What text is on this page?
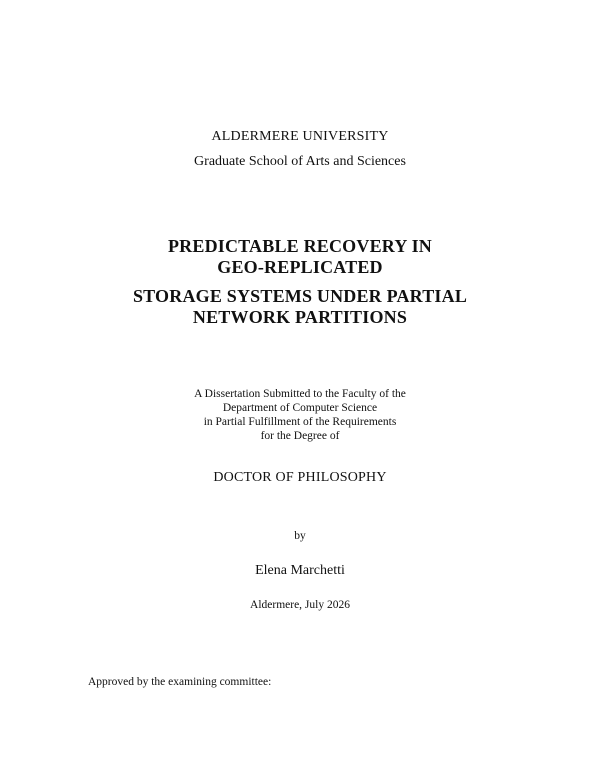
ALDERMERE UNIVERSITY
Graduate School of Arts and Sciences
PREDICTABLE RECOVERY IN
GEO-REPLICATED
STORAGE SYSTEMS UNDER PARTIAL
NETWORK PARTITIONS
A Dissertation Submitted to the Faculty of the
Department of Computer Science
in Partial Fulfillment of the Requirements
for the Degree of
DOCTOR OF PHILOSOPHY
by
Elena Marchetti
Aldermere, July 2026
Approved by the examining committee:
